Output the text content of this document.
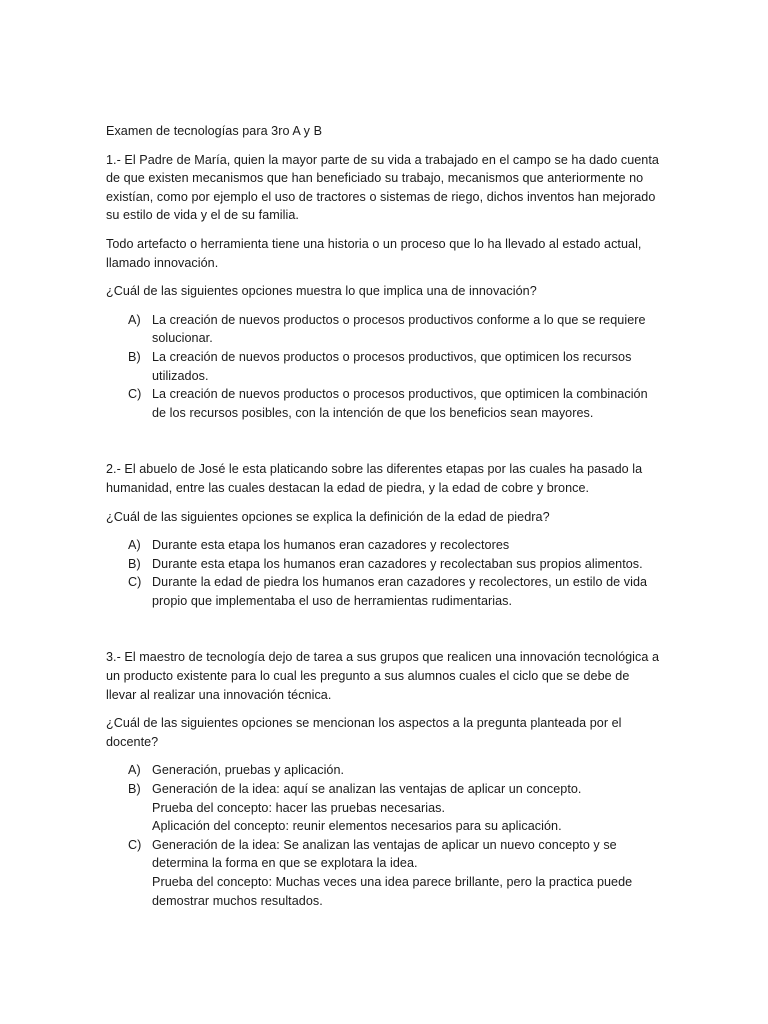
Examen de tecnologías para 3ro A y B

1.- El Padre de María, quien la mayor parte de su vida a trabajado en el campo se ha dado cuenta de que existen mecanismos que han beneficiado su trabajo, mecanismos que anteriormente no existían, como por ejemplo el uso de tractores o sistemas de riego, dichos inventos han mejorado su estilo de vida y el de su familia.

Todo artefacto o herramienta tiene una historia o un proceso que lo ha llevado al estado actual, llamado innovación.

¿Cuál de las siguientes opciones muestra lo que implica una de innovación?

A) La creación de nuevos productos o procesos productivos conforme a lo que se requiere solucionar.
B) La creación de nuevos productos o procesos productivos, que optimicen los recursos utilizados.
C) La creación de nuevos productos o procesos productivos, que optimicen la combinación de los recursos posibles, con la intención de que los beneficios sean mayores.

2.- El abuelo de José le esta platicando sobre las diferentes etapas por las cuales ha pasado la humanidad, entre las cuales destacan la edad de piedra, y la edad de cobre y bronce.

¿Cuál de las siguientes opciones se explica la definición de la edad de piedra?

A) Durante esta etapa los humanos eran cazadores y recolectores
B) Durante esta etapa los humanos eran cazadores y recolectaban sus propios alimentos.
C) Durante la edad de piedra los humanos eran cazadores y recolectores, un estilo de vida propio que implementaba el uso de herramientas rudimentarias.

3.- El maestro de tecnología dejo de tarea a sus grupos que realicen una innovación tecnológica a un producto existente para lo cual les pregunto a sus alumnos cuales el ciclo que se debe de llevar al realizar una innovación técnica.

¿Cuál de las siguientes opciones se mencionan los aspectos a la pregunta planteada por el docente?

A) Generación, pruebas y aplicación.
B) Generación de la idea: aquí se analizan las ventajas de aplicar un concepto.
Prueba del concepto: hacer las pruebas necesarias.
Aplicación del concepto: reunir elementos necesarios para su aplicación.
C) Generación de la idea: Se analizan las ventajas de aplicar un nuevo concepto y se determina la forma en que se explotara la idea.
Prueba del concepto: Muchas veces una idea parece brillante, pero la practica puede demostrar muchos resultados.
